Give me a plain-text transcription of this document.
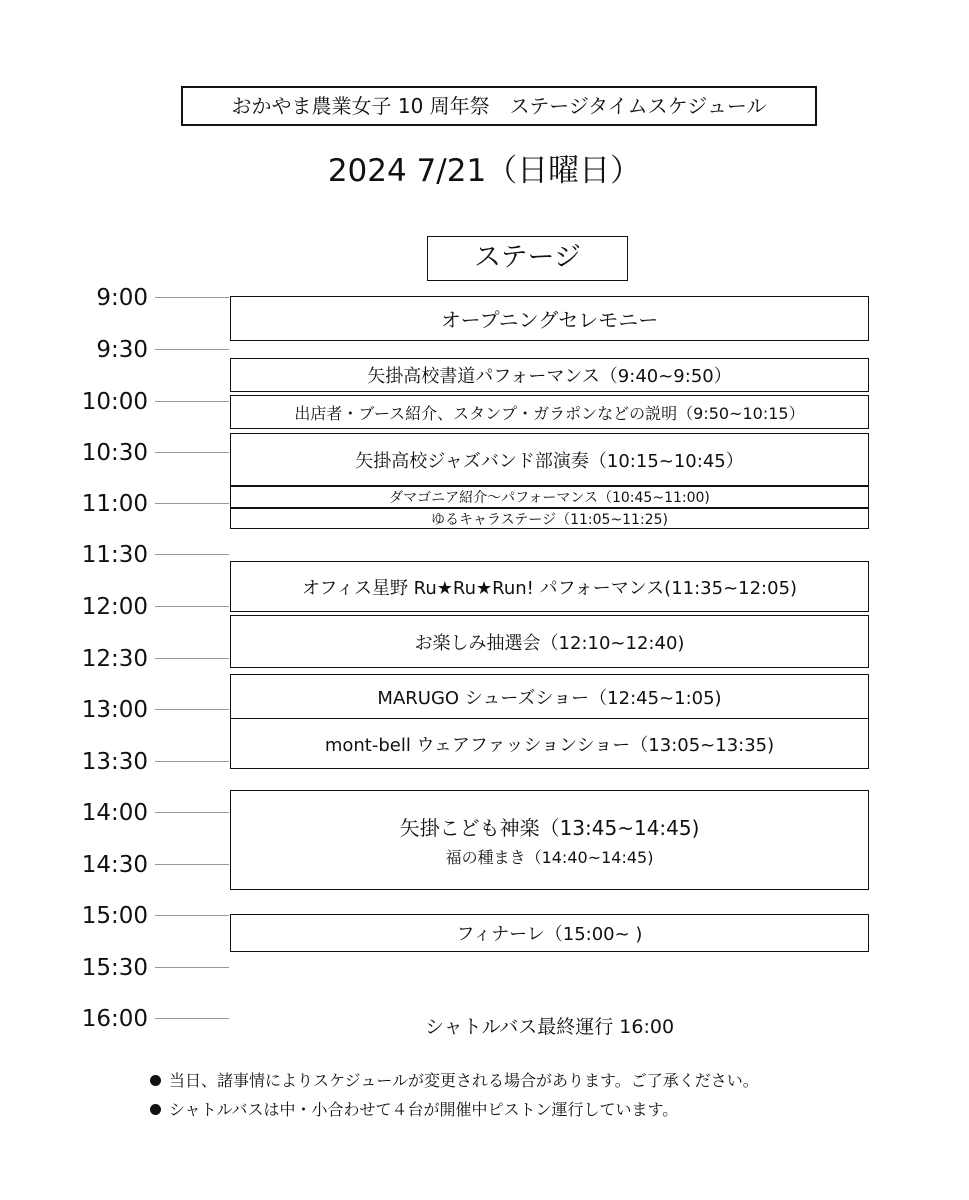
おかやま農業女子 10 周年祭　ステージタイムスケジュール
2024 7/21（日曜日）
ステージ
9:00
9:30
10:00
10:30
11:00
11:30
12:00
12:30
13:00
13:30
14:00
14:30
15:00
15:30
16:00
オープニングセレモニー
矢掛高校書道パフォーマンス（9:40~9:50）
出店者・ブース紹介、スタンプ・ガラポンなどの説明（9:50~10:15）
矢掛高校ジャズバンド部演奏（10:15~10:45）
ダマゴニア紹介〜パフォーマンス（10:45~11:00)
ゆるキャラステージ（11:05~11:25)
オフィス星野 Ru★Ru★Run! パフォーマンス(11:35~12:05)
お楽しみ抽選会（12:10~12:40)
MARUGO シューズショー（12:45~1:05)
mont-bell ウェアファッションショー（13:05~13:35)
矢掛こども神楽（13:45~14:45)
福の種まき（14:40~14:45)
フィナーレ（15:00~ )
シャトルバス最終運行 16:00
当日、諸事情によりスケジュールが変更される場合があります。ご了承ください。
シャトルバスは中・小合わせて４台が開催中ピストン運行しています。
